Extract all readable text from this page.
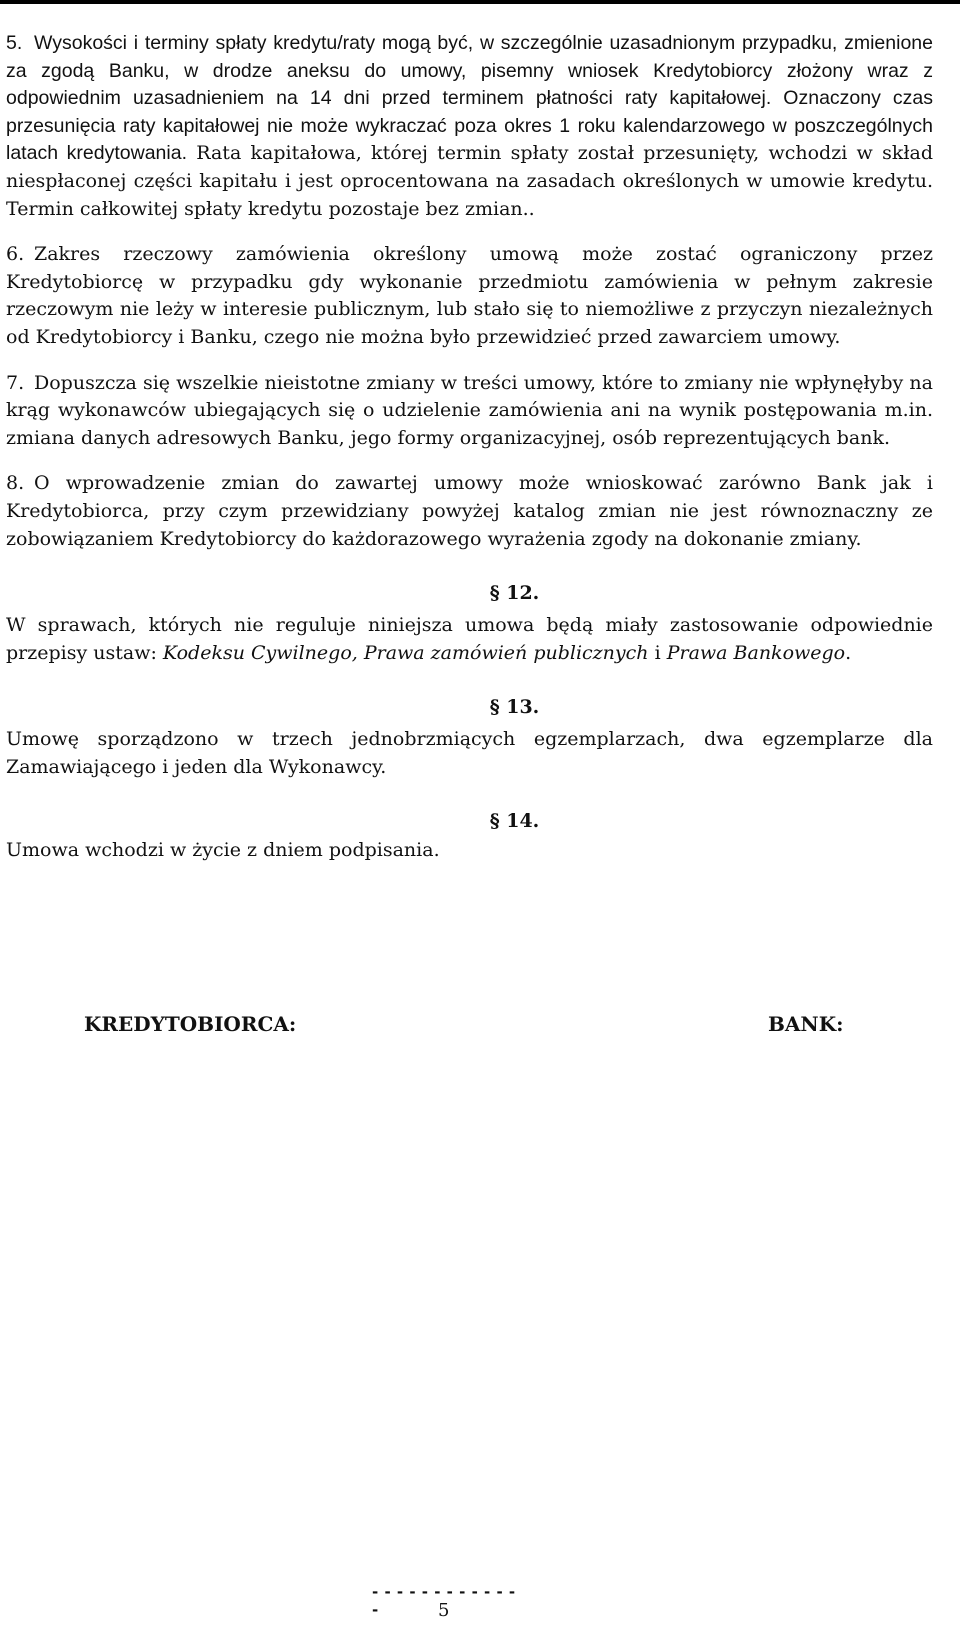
5. Wysokości i terminy spłaty kredytu/raty mogą być, w szczególnie uzasadnionym przypadku, zmienione za zgodą Banku, w drodze aneksu do umowy, pisemny wniosek Kredytobiorcy złożony wraz z odpowiednim uzasadnieniem na 14 dni przed terminem płatności raty kapitałowej. Oznaczony czas przesunięcia raty kapitałowej nie może wykraczać poza okres 1 roku kalendarzowego w poszczególnych latach kredytowania. Rata kapitałowa, której termin spłaty został przesunięty, wchodzi w skład niespłaconej części kapitału i jest oprocentowana na zasadach określonych w umowie kredytu. Termin całkowitej spłaty kredytu pozostaje bez zmian..

6. Zakres rzeczowy zamówienia określony umową może zostać ograniczony przez Kredytobiorcę w przypadku gdy wykonanie przedmiotu zamówienia w pełnym zakresie rzeczowym nie leży w interesie publicznym, lub stało się to niemożliwe z przyczyn niezależnych od Kredytobiorcy i Banku, czego nie można było przewidzieć przed zawarciem umowy.

7. Dopuszcza się wszelkie nieistotne zmiany w treści umowy, które to zmiany nie wpłynęłyby na krąg wykonawców ubiegających się o udzielenie zamówienia ani na wynik postępowania m.in. zmiana danych adresowych Banku, jego formy organizacyjnej, osób reprezentujących bank.

8. O wprowadzenie zmian do zawartej umowy może wnioskować zarówno Bank jak i Kredytobiorca, przy czym przewidziany powyżej katalog zmian nie jest równoznaczny ze zobowiązaniem Kredytobiorcy do każdorazowego wyrażenia zgody na dokonanie zmiany.

§ 12.

W sprawach, których nie reguluje niniejsza umowa będą miały zastosowanie odpowiednie przepisy ustaw: Kodeksu Cywilnego, Prawa zamówień publicznych i Prawa Bankowego.

§ 13.

Umowę sporządzono w trzech jednobrzmiących egzemplarzach, dwa egzemplarze dla Zamawiającego i jeden dla Wykonawcy.

§ 14.

Umowa wchodzi w życie z dniem podpisania.

KREDYTOBIORCA:	BANK:
- - - - - - - - - - - - -	5
